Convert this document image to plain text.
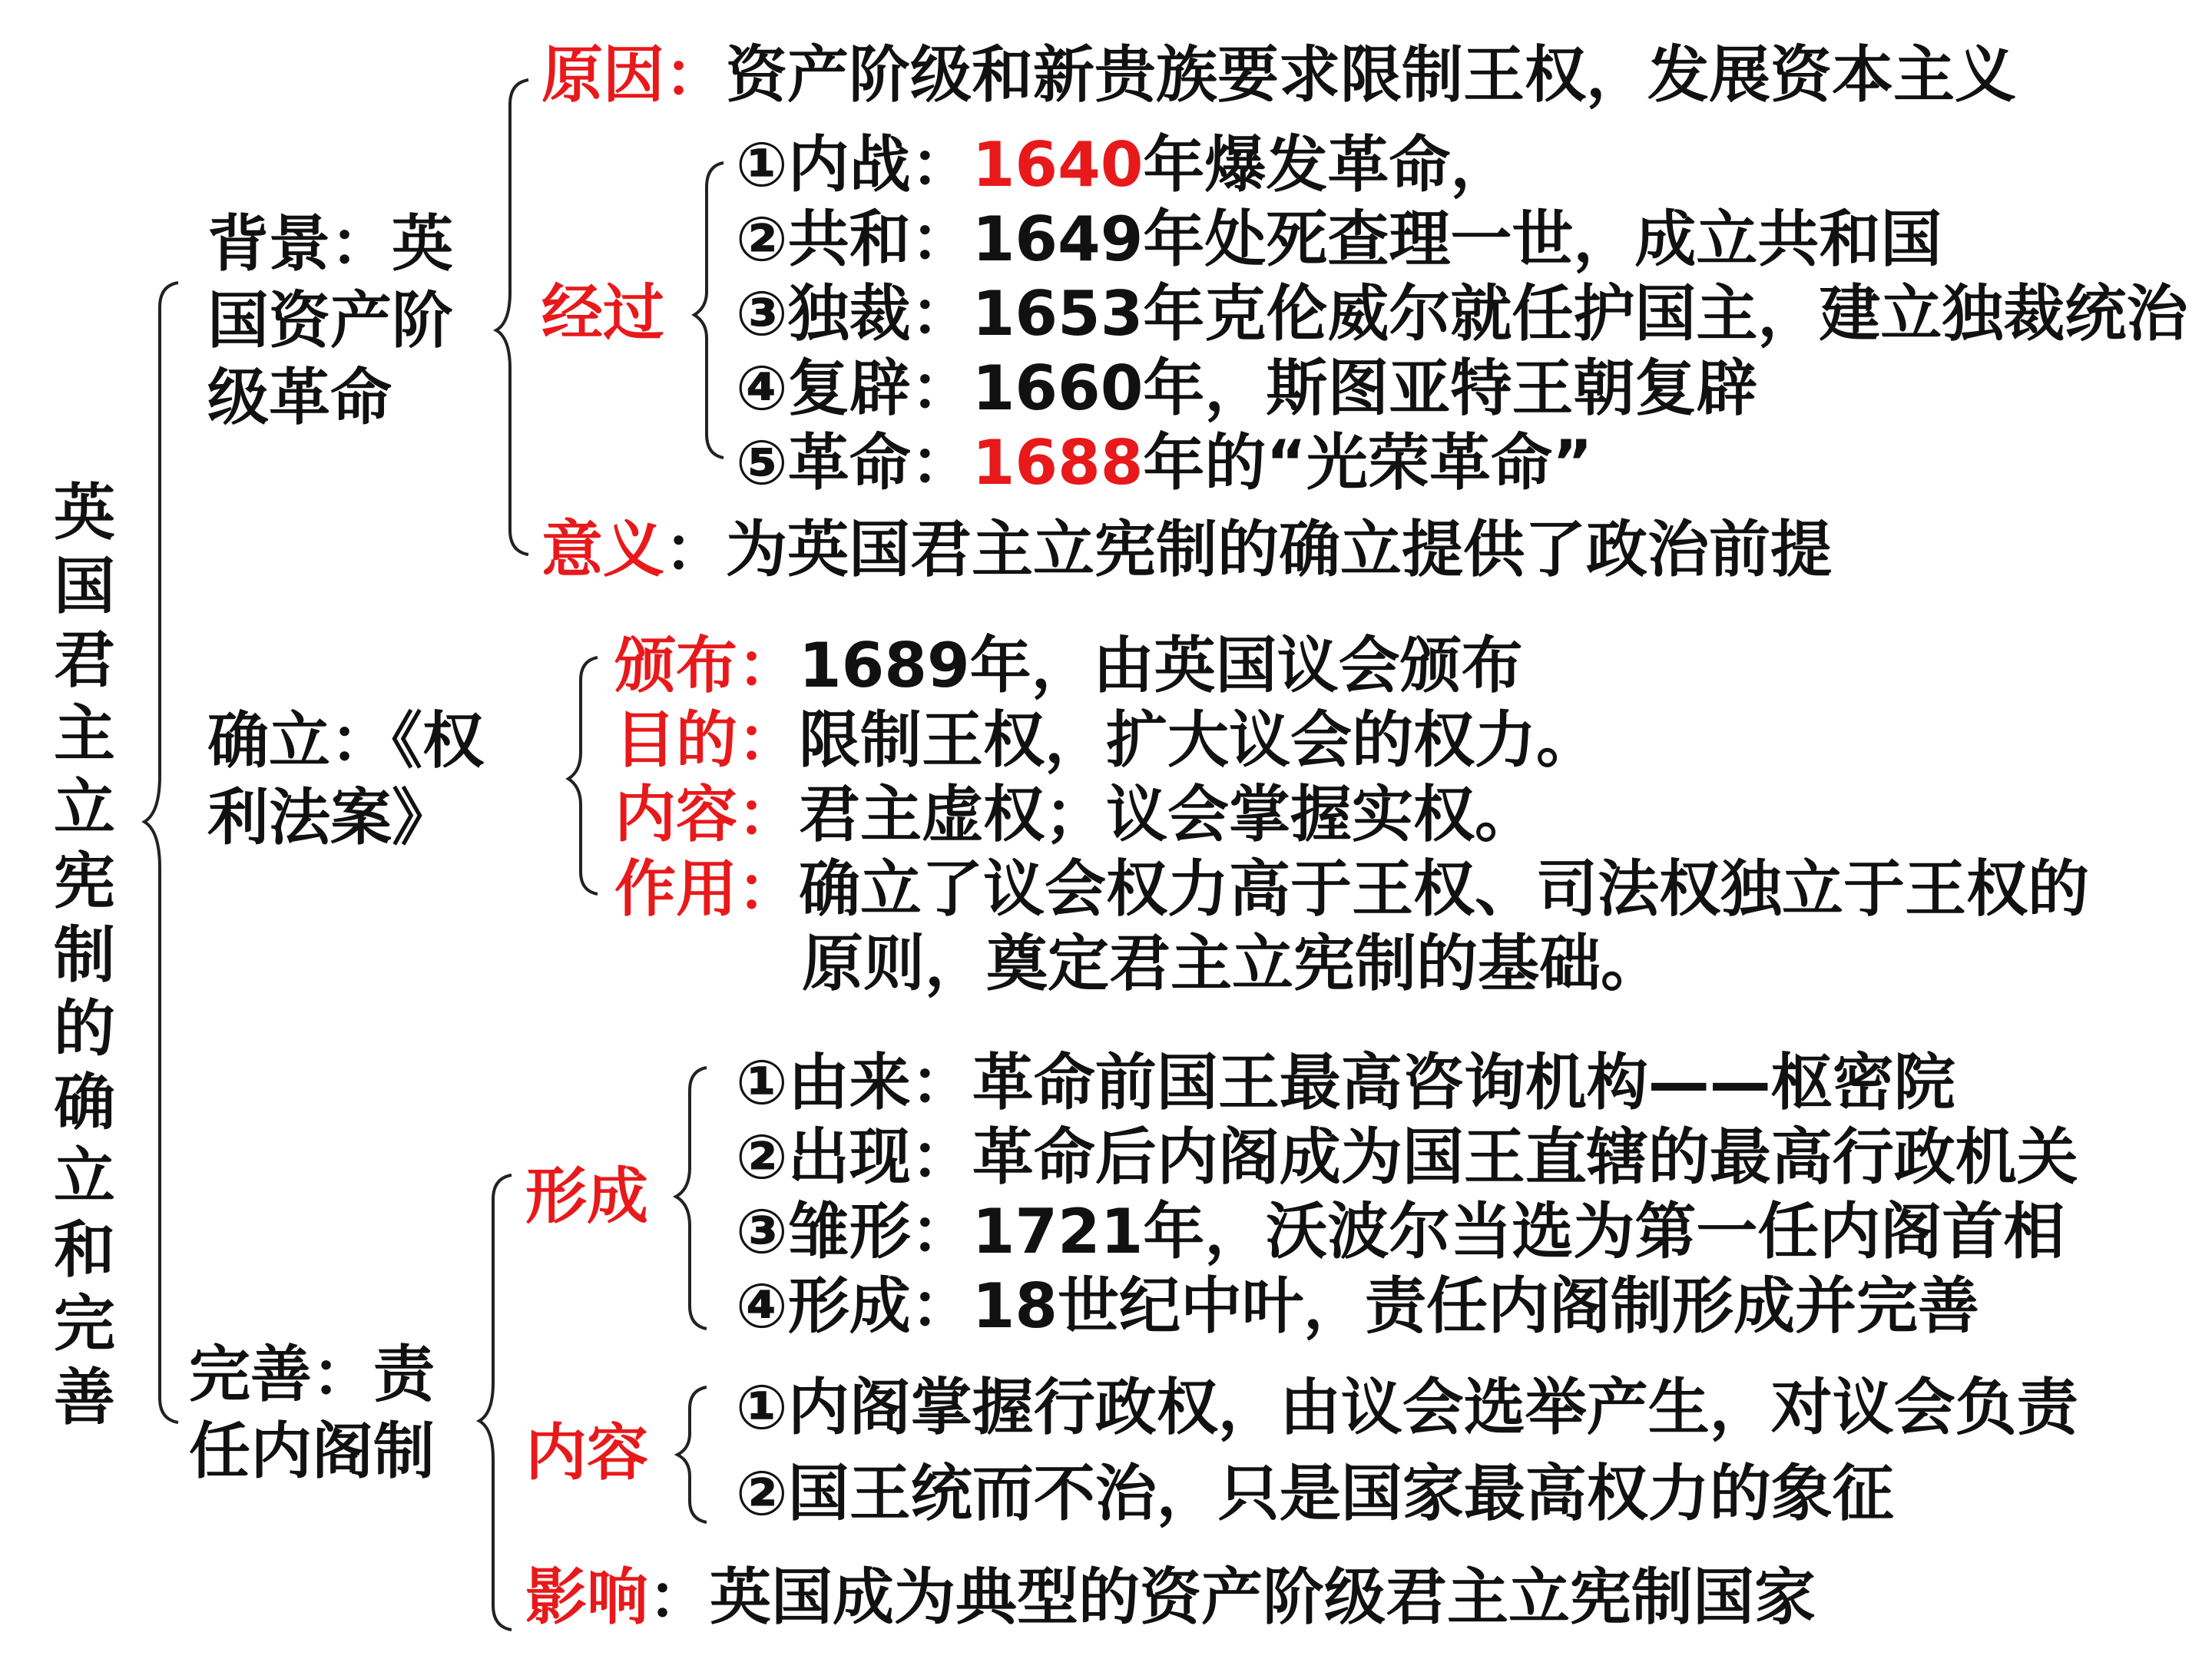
英国君主立宪制的确立和完善
背景：英国资产阶级革命
原因：资产阶级和新贵族要求限制王权，发展资本主义
经过
①内战：1640年爆发革命，
②共和：1649年处死查理一世，成立共和国
③独裁：1653年克伦威尔就任护国主，建立独裁统治
④复辟：1660年，斯图亚特王朝复辟
⑤革命：1688年的“光荣革命”
意义：为英国君主立宪制的确立提供了政治前提
确立：《权利法案》
颁布：1689年，由英国议会颁布
目的：限制王权，扩大议会的权力。
内容：君主虚权；议会掌握实权。
作用：确立了议会权力高于王权、司法权独立于王权的
原则，奠定君主立宪制的基础。
完善：责任内阁制
形成
①由来：革命前国王最高咨询机构——枢密院
②出现：革命后内阁成为国王直辖的最高行政机关
③雏形：1721年，沃波尔当选为第一任内阁首相
④形成：18世纪中叶，责任内阁制形成并完善
内容
①内阁掌握行政权，由议会选举产生，对议会负责
②国王统而不治，只是国家最高权力的象征
影响：英国成为典型的资产阶级君主立宪制国家
